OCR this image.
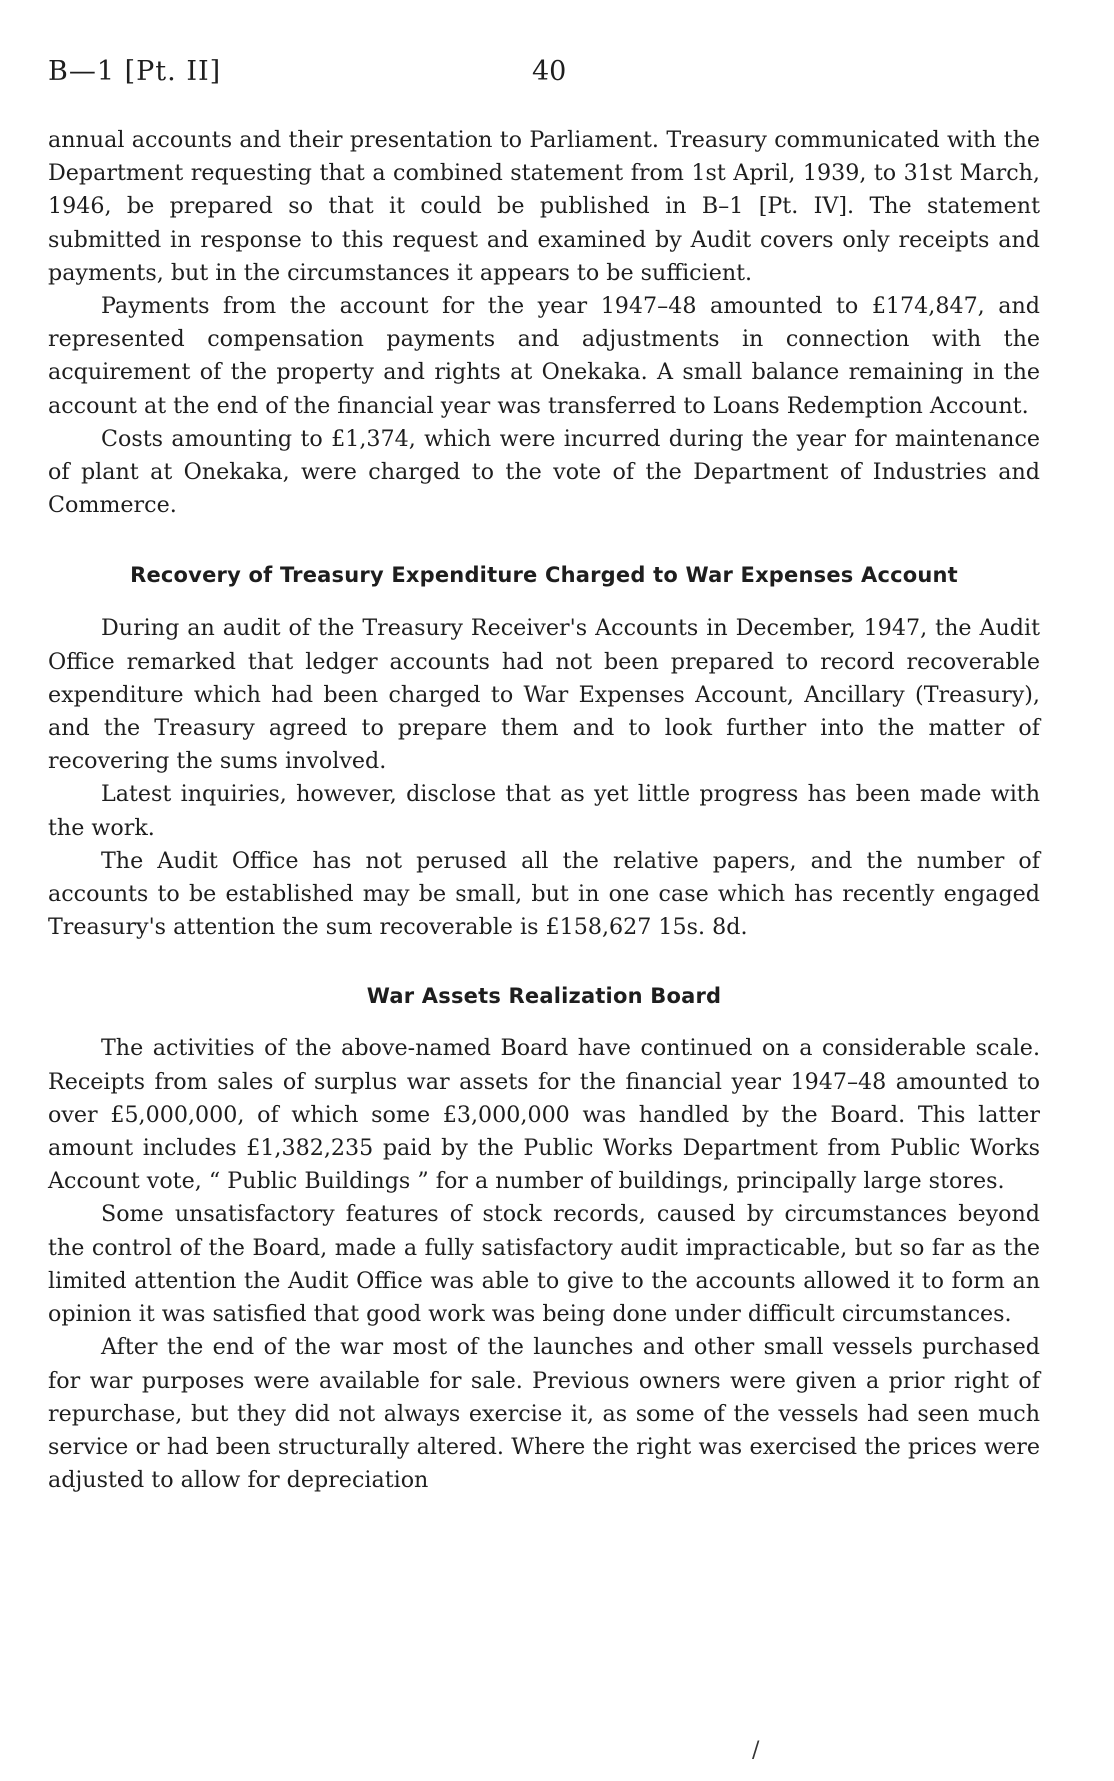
B—1 [Pt. II]	40

annual accounts and their presentation to Parliament. Treasury communicated with the Department requesting that a combined statement from 1st April, 1939, to 31st March, 1946, be prepared so that it could be published in B–1 [Pt. IV]. The statement submitted in response to this request and examined by Audit covers only receipts and payments, but in the circumstances it appears to be sufficient.

Payments from the account for the year 1947–48 amounted to £174,847, and represented compensation payments and adjustments in connection with the acquirement of the property and rights at Onekaka. A small balance remaining in the account at the end of the financial year was transferred to Loans Redemption Account.

Costs amounting to £1,374, which were incurred during the year for maintenance of plant at Onekaka, were charged to the vote of the Department of Industries and Commerce.

Recovery of Treasury Expenditure Charged to War Expenses Account

During an audit of the Treasury Receiver's Accounts in December, 1947, the Audit Office remarked that ledger accounts had not been prepared to record recoverable expenditure which had been charged to War Expenses Account, Ancillary (Treasury), and the Treasury agreed to prepare them and to look further into the matter of recovering the sums involved.

Latest inquiries, however, disclose that as yet little progress has been made with the work.

The Audit Office has not perused all the relative papers, and the number of accounts to be established may be small, but in one case which has recently engaged Treasury's attention the sum recoverable is £158,627 15s. 8d.

War Assets Realization Board

The activities of the above-named Board have continued on a considerable scale. Receipts from sales of surplus war assets for the financial year 1947–48 amounted to over £5,000,000, of which some £3,000,000 was handled by the Board. This latter amount includes £1,382,235 paid by the Public Works Department from Public Works Account vote, “ Public Buildings ” for a number of buildings, principally large stores.

Some unsatisfactory features of stock records, caused by circumstances beyond the control of the Board, made a fully satisfactory audit impracticable, but so far as the limited attention the Audit Office was able to give to the accounts allowed it to form an opinion it was satisfied that good work was being done under difficult circumstances.

After the end of the war most of the launches and other small vessels purchased for war purposes were available for sale. Previous owners were given a prior right of repurchase, but they did not always exercise it, as some of the vessels had seen much service or had been structurally altered. Where the right was exercised the prices were adjusted to allow for depreciation

/
